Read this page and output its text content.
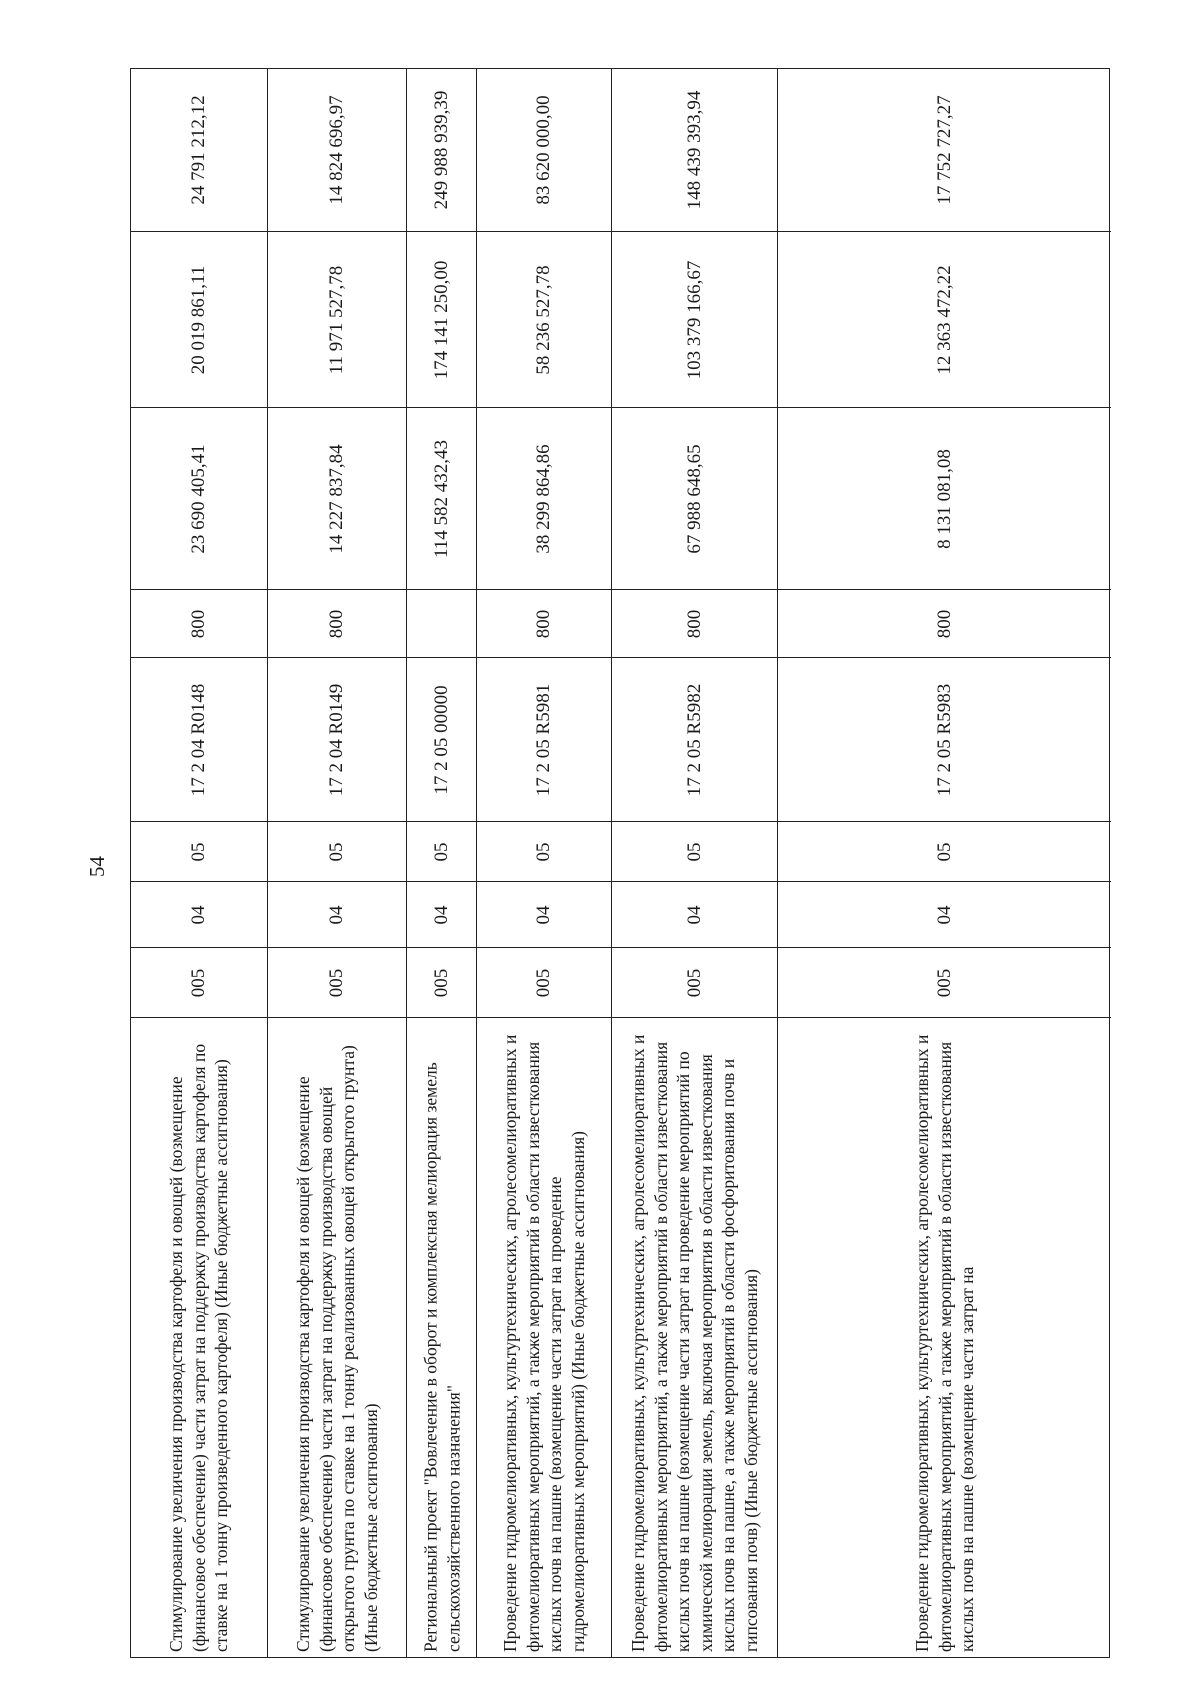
54
24 791 212,12
20 019 861,11
23 690 405,41
800
17 2 04 R0148
05
04
005
Стимулирование увеличения производства картофеля и овощей (возмещение (финансовое обеспечение) части затрат на поддержку производства картофеля по ставке на 1 тонну произведенного картофеля) (Иные бюджетные ассигнования)
14 824 696,97
11 971 527,78
14 227 837,84
800
17 2 04 R0149
05
04
005
Стимулирование увеличения производства картофеля и овощей (возмещение (финансовое обеспечение) части затрат на поддержку производства овощей открытого грунта по ставке на 1 тонну реализованных овощей открытого грунта) (Иные бюджетные ассигнования)
249 988 939,39
174 141 250,00
114 582 432,43
17 2 05 00000
05
04
005
Региональный проект "Вовлечение в оборот и комплексная мелиорация земель сельскохозяйственного назначения"
83 620 000,00
58 236 527,78
38 299 864,86
800
17 2 05 R5981
05
04
005
Проведение гидромелиоративных, культуртехнических, агролесомелиоративных и фитомелиоративных мероприятий, а также мероприятий в области известкования кислых почв на пашне (возмещение части затрат на проведение гидромелиоративных мероприятий) (Иные бюджетные ассигнования)
148 439 393,94
103 379 166,67
67 988 648,65
800
17 2 05 R5982
05
04
005
Проведение гидромелиоративных, культуртехнических, агролесомелиоративных и фитомелиоративных мероприятий, а также мероприятий в области известкования кислых почв на пашне (возмещение части затрат на проведение мероприятий по химической мелиорации земель, включая мероприятия в области известкования кислых почв на пашне, а также мероприятий в области фосфоритования почв и гипсования почв) (Иные бюджетные ассигнования)
17 752 727,27
12 363 472,22
8 131 081,08
800
17 2 05 R5983
05
04
005
Проведение гидромелиоративных, культуртехнических, агролесомелиоративных и фитомелиоративных мероприятий, а также мероприятий в области известкования кислых почв на пашне (возмещение части затрат на
